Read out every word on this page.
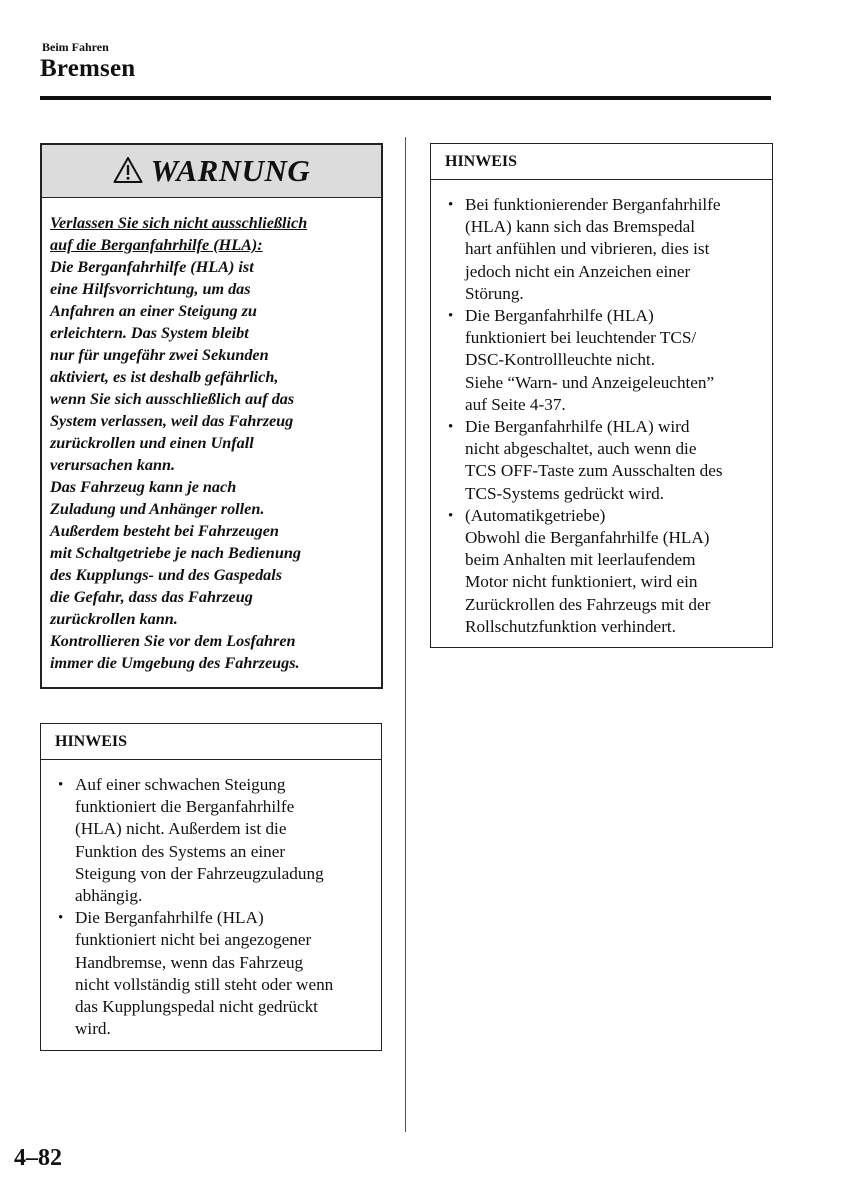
Beim Fahren
Bremsen
WARNUNG
Verlassen Sie sich nicht ausschließlich
auf die Berganfahrhilfe (HLA):
Die Berganfahrhilfe (HLA) ist
eine Hilfsvorrichtung, um das
Anfahren an einer Steigung zu
erleichtern. Das System bleibt
nur für ungefähr zwei Sekunden
aktiviert, es ist deshalb gefährlich,
wenn Sie sich ausschließlich auf das
System verlassen, weil das Fahrzeug
zurückrollen und einen Unfall
verursachen kann.
Das Fahrzeug kann je nach
Zuladung und Anhänger rollen.
Außerdem besteht bei Fahrzeugen
mit Schaltgetriebe je nach Bedienung
des Kupplungs- und des Gaspedals
die Gefahr, dass das Fahrzeug
zurückrollen kann.
Kontrollieren Sie vor dem Losfahren
immer die Umgebung des Fahrzeugs.
HINWEIS
• Auf einer schwachen Steigung
funktioniert die Berganfahrhilfe
(HLA) nicht. Außerdem ist die
Funktion des Systems an einer
Steigung von der Fahrzeugzuladung
abhängig.
• Die Berganfahrhilfe (HLA)
funktioniert nicht bei angezogener
Handbremse, wenn das Fahrzeug
nicht vollständig still steht oder wenn
das Kupplungspedal nicht gedrückt
wird.
HINWEIS
• Bei funktionierender Berganfahrhilfe
(HLA) kann sich das Bremspedal
hart anfühlen und vibrieren, dies ist
jedoch nicht ein Anzeichen einer
Störung.
• Die Berganfahrhilfe (HLA)
funktioniert bei leuchtender TCS/
DSC-Kontrollleuchte nicht.
Siehe “Warn- und Anzeigeleuchten”
auf Seite 4-37.
• Die Berganfahrhilfe (HLA) wird
nicht abgeschaltet, auch wenn die
TCS OFF-Taste zum Ausschalten des
TCS-Systems gedrückt wird.
• (Automatikgetriebe)
Obwohl die Berganfahrhilfe (HLA)
beim Anhalten mit leerlaufendem
Motor nicht funktioniert, wird ein
Zurückrollen des Fahrzeugs mit der
Rollschutzfunktion verhindert.
4–82
